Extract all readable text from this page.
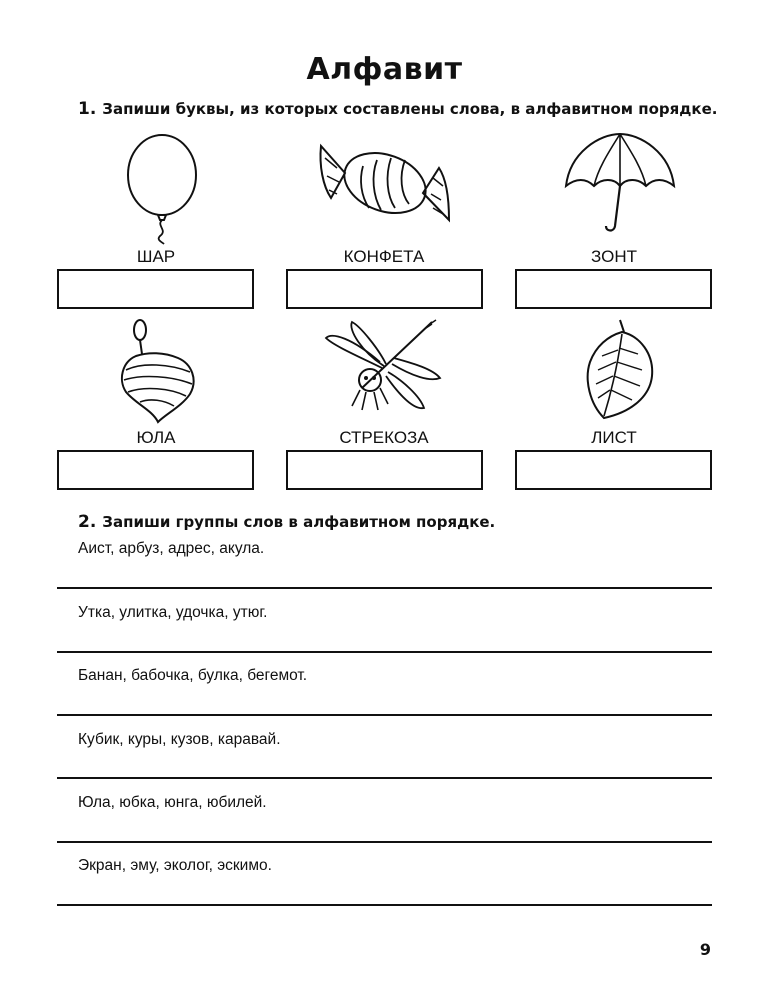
Алфавит
1. Запиши буквы, из которых составлены слова, в алфавитном порядке.
ШАР	КОНФЕТА	ЗОНТ
ЮЛА	СТРЕКОЗА	ЛИСТ
2. Запиши группы слов в алфавитном порядке.
Аист, арбуз, адрес, акула.
Утка, улитка, удочка, утюг.
Банан, бабочка, булка, бегемот.
Кубик, куры, кузов, каравай.
Юла, юбка, юнга, юбилей.
Экран, эму, эколог, эскимо.
9
